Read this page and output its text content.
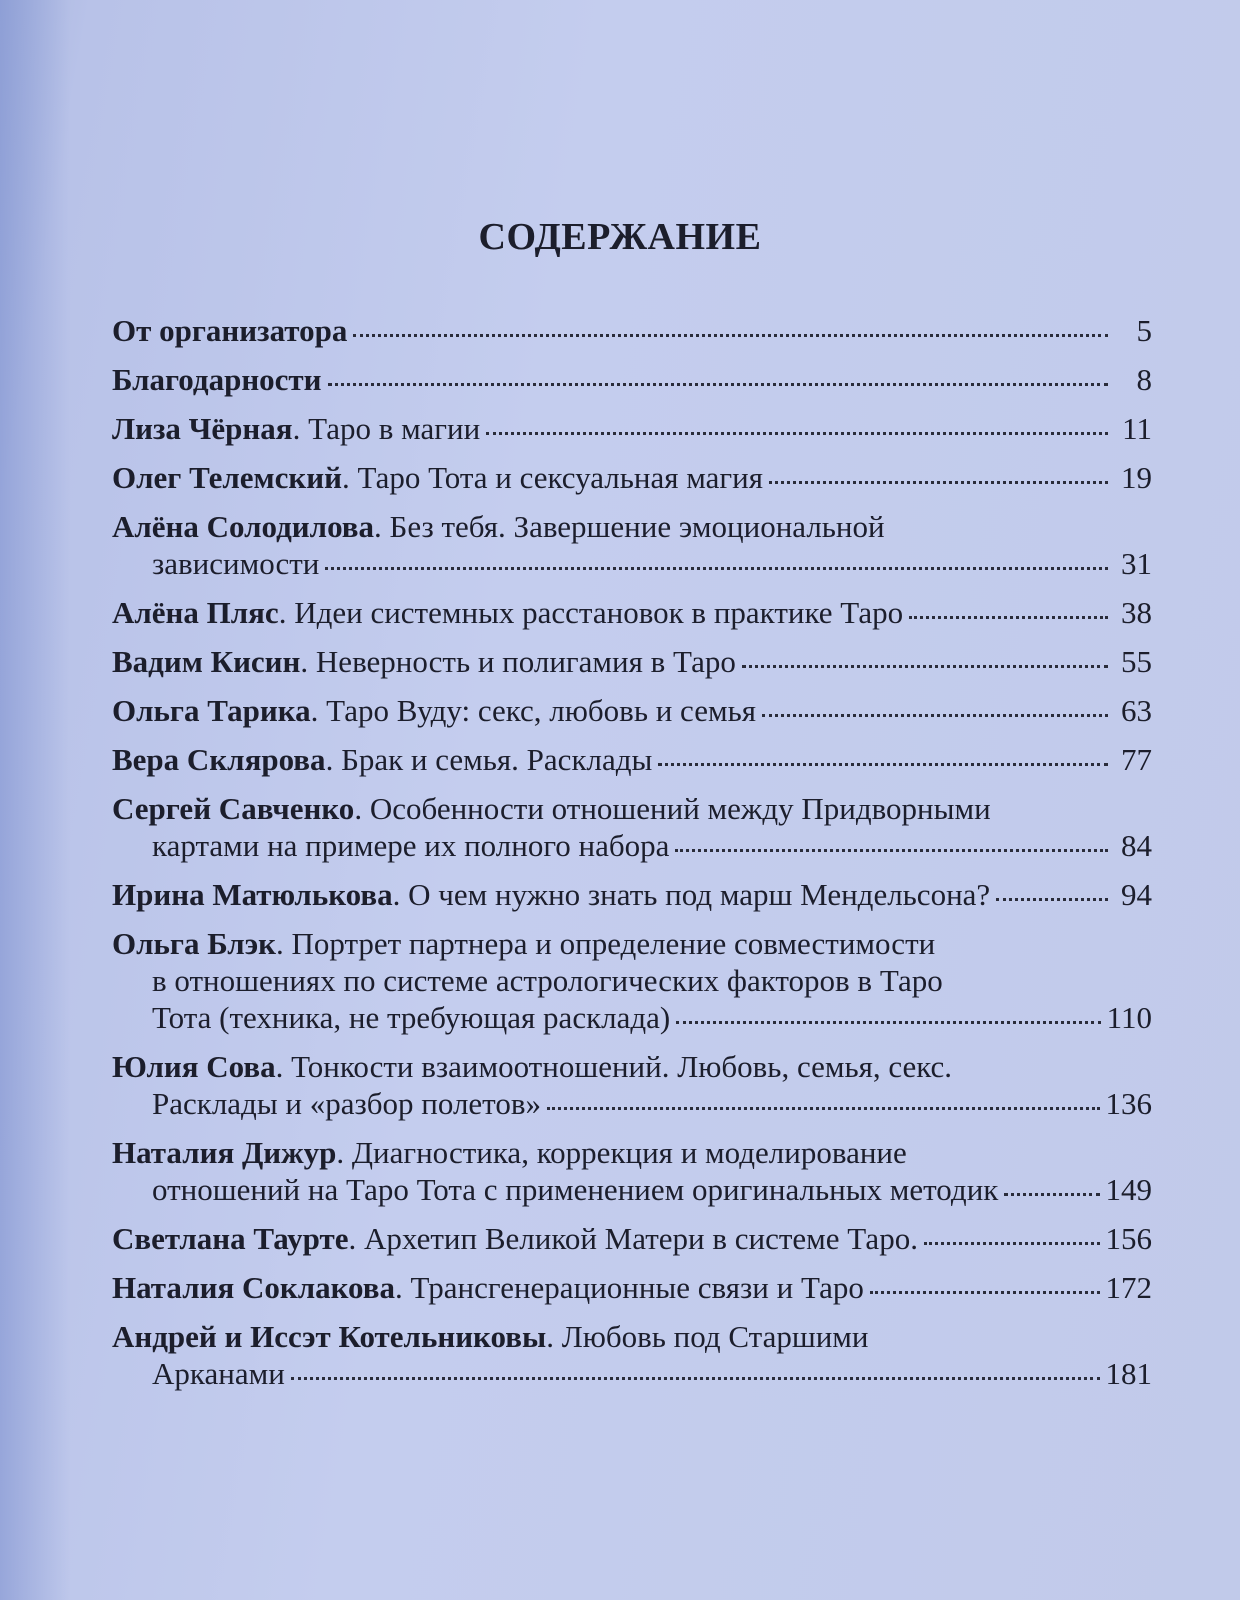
СОДЕРЖАНИЕ
От организатора	5
Благодарности	8
Лиза Чёрная. Таро в магии	11
Олег Телемский. Таро Тота и сексуальная магия	19
Алёна Солодилова. Без тебя. Завершение эмоциональной
зависимости	31
Алёна Пляс. Идеи системных расстановок в практике Таро	38
Вадим Кисин. Неверность и полигамия в Таро	55
Ольга Тарика. Таро Вуду: секс, любовь и семья	63
Вера Склярова. Брак и семья. Расклады	77
Сергей Савченко. Особенности отношений между Придворными
картами на примере их полного набора	84
Ирина Матюлькова. О чем нужно знать под марш Мендельсона?	94
Ольга Блэк. Портрет партнера и определение совместимости
в отношениях по системе астрологических факторов в Таро
Тота (техника, не требующая расклада)	110
Юлия Сова. Тонкости взаимоотношений. Любовь, семья, секс.
Расклады и «разбор полетов»	136
Наталия Дижур. Диагностика, коррекция и моделирование
отношений на Таро Тота с применением оригинальных методик	149
Светлана Таурте. Архетип Великой Матери в системе Таро.	156
Наталия Соклакова. Трансгенерационные связи и Таро	172
Андрей и Иссэт Котельниковы. Любовь под Старшими
Арканами	181
